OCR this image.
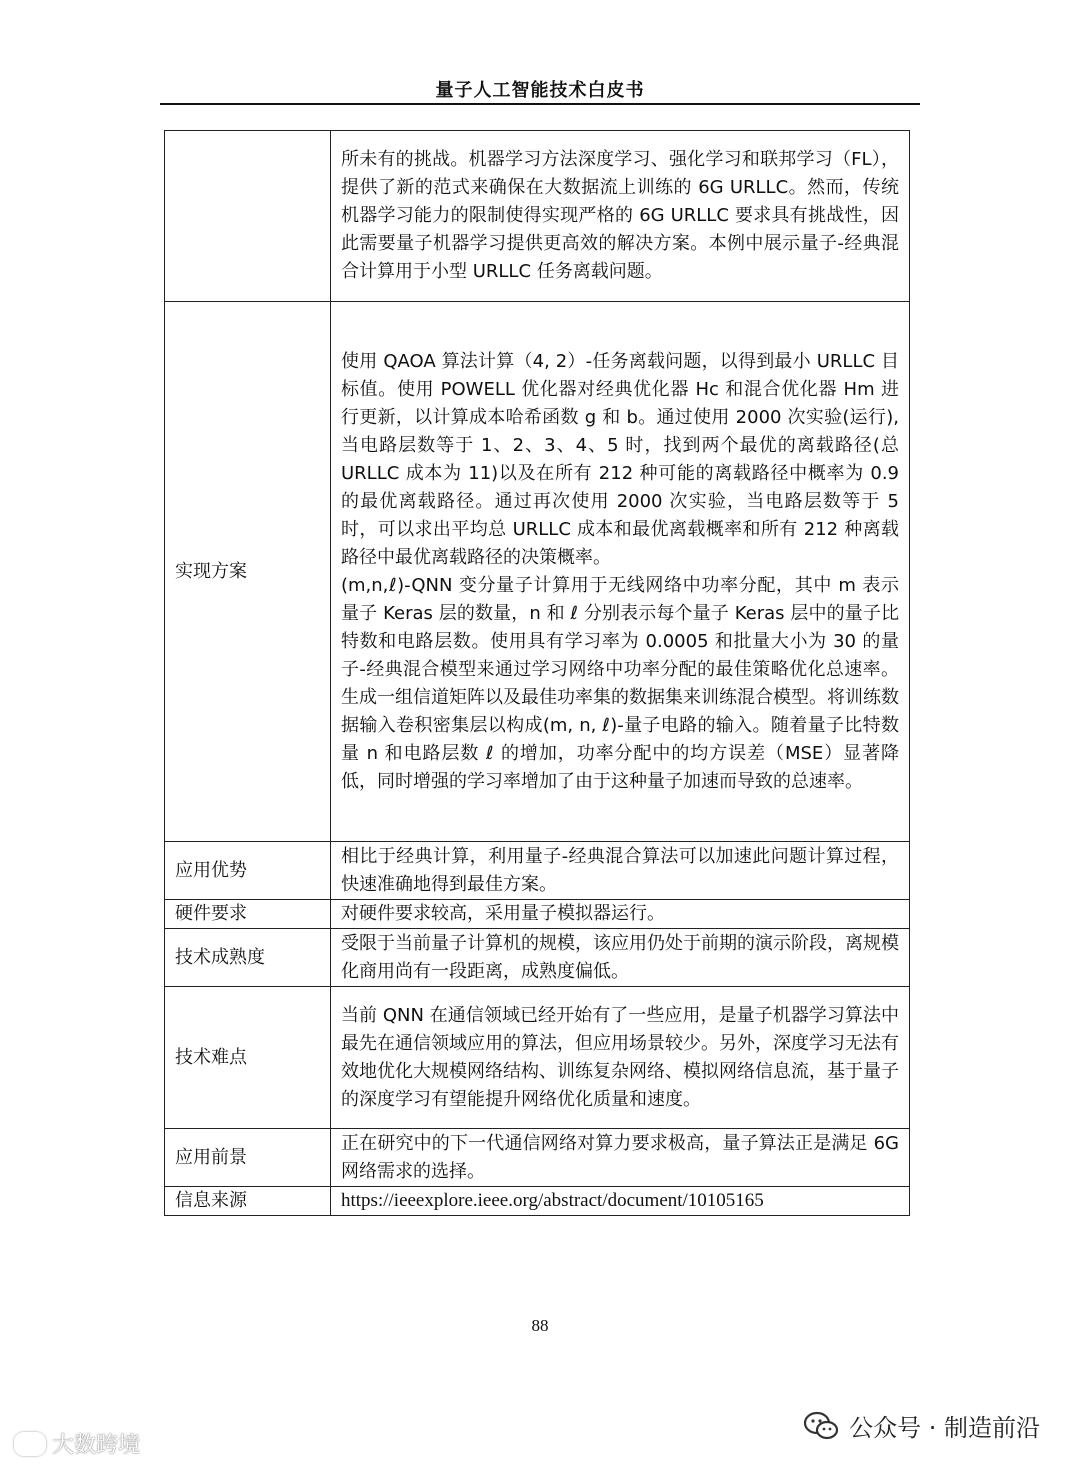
量子人工智能技术白皮书

	所未有的挑战。机器学习方法深度学习、强化学习和联邦学习（FL），提供了新的范式来确保在大数据流上训练的 6G URLLC。然而，传统机器学习能力的限制使得实现严格的 6G URLLC 要求具有挑战性，因此需要量子机器学习提供更高效的解决方案。本例中展示量子-经典混合计算用于小型 URLLC 任务离载问题。

实现方案	使用 QAOA 算法计算（4, 2）-任务离载问题，以得到最小 URLLC 目标值。使用 POWELL 优化器对经典优化器 Hc 和混合优化器 Hm 进行更新，以计算成本哈希函数 g 和 b。通过使用 2000 次实验(运行),当电路层数等于 1、2、3、4、5 时，找到两个最优的离载路径(总 URLLC 成本为 11)以及在所有 212 种可能的离载路径中概率为 0.9 的最优离载路径。通过再次使用 2000 次实验，当电路层数等于 5 时，可以求出平均总 URLLC 成本和最优离载概率和所有 212 种离载路径中最优离载路径的决策概率。

(m,n,ℓ)-QNN 变分量子计算用于无线网络中功率分配，其中 m 表示量子 Keras 层的数量，n 和 ℓ 分别表示每个量子 Keras 层中的量子比特数和电路层数。使用具有学习率为 0.0005 和批量大小为 30 的量子-经典混合模型来通过学习网络中功率分配的最佳策略优化总速率。生成一组信道矩阵以及最佳功率集的数据集来训练混合模型。将训练数据输入卷积密集层以构成(m, n, ℓ)-量子电路的输入。随着量子比特数量 n 和电路层数 ℓ 的增加，功率分配中的均方误差（MSE）显著降低，同时增强的学习率增加了由于这种量子加速而导致的总速率。

应用优势	相比于经典计算，利用量子-经典混合算法可以加速此问题计算过程，快速准确地得到最佳方案。

硬件要求	对硬件要求较高，采用量子模拟器运行。

技术成熟度	受限于当前量子计算机的规模，该应用仍处于前期的演示阶段，离规模化商用尚有一段距离，成熟度偏低。

技术难点	当前 QNN 在通信领域已经开始有了一些应用，是量子机器学习算法中最先在通信领域应用的算法，但应用场景较少。另外，深度学习无法有效地优化大规模网络结构、训练复杂网络、模拟网络信息流，基于量子的深度学习有望能提升网络优化质量和速度。

应用前景	正在研究中的下一代通信网络对算力要求极高，量子算法正是满足 6G 网络需求的选择。

信息来源	https://ieeexplore.ieee.org/abstract/document/10105165

88
大数跨境
公众号 · 制造前沿
